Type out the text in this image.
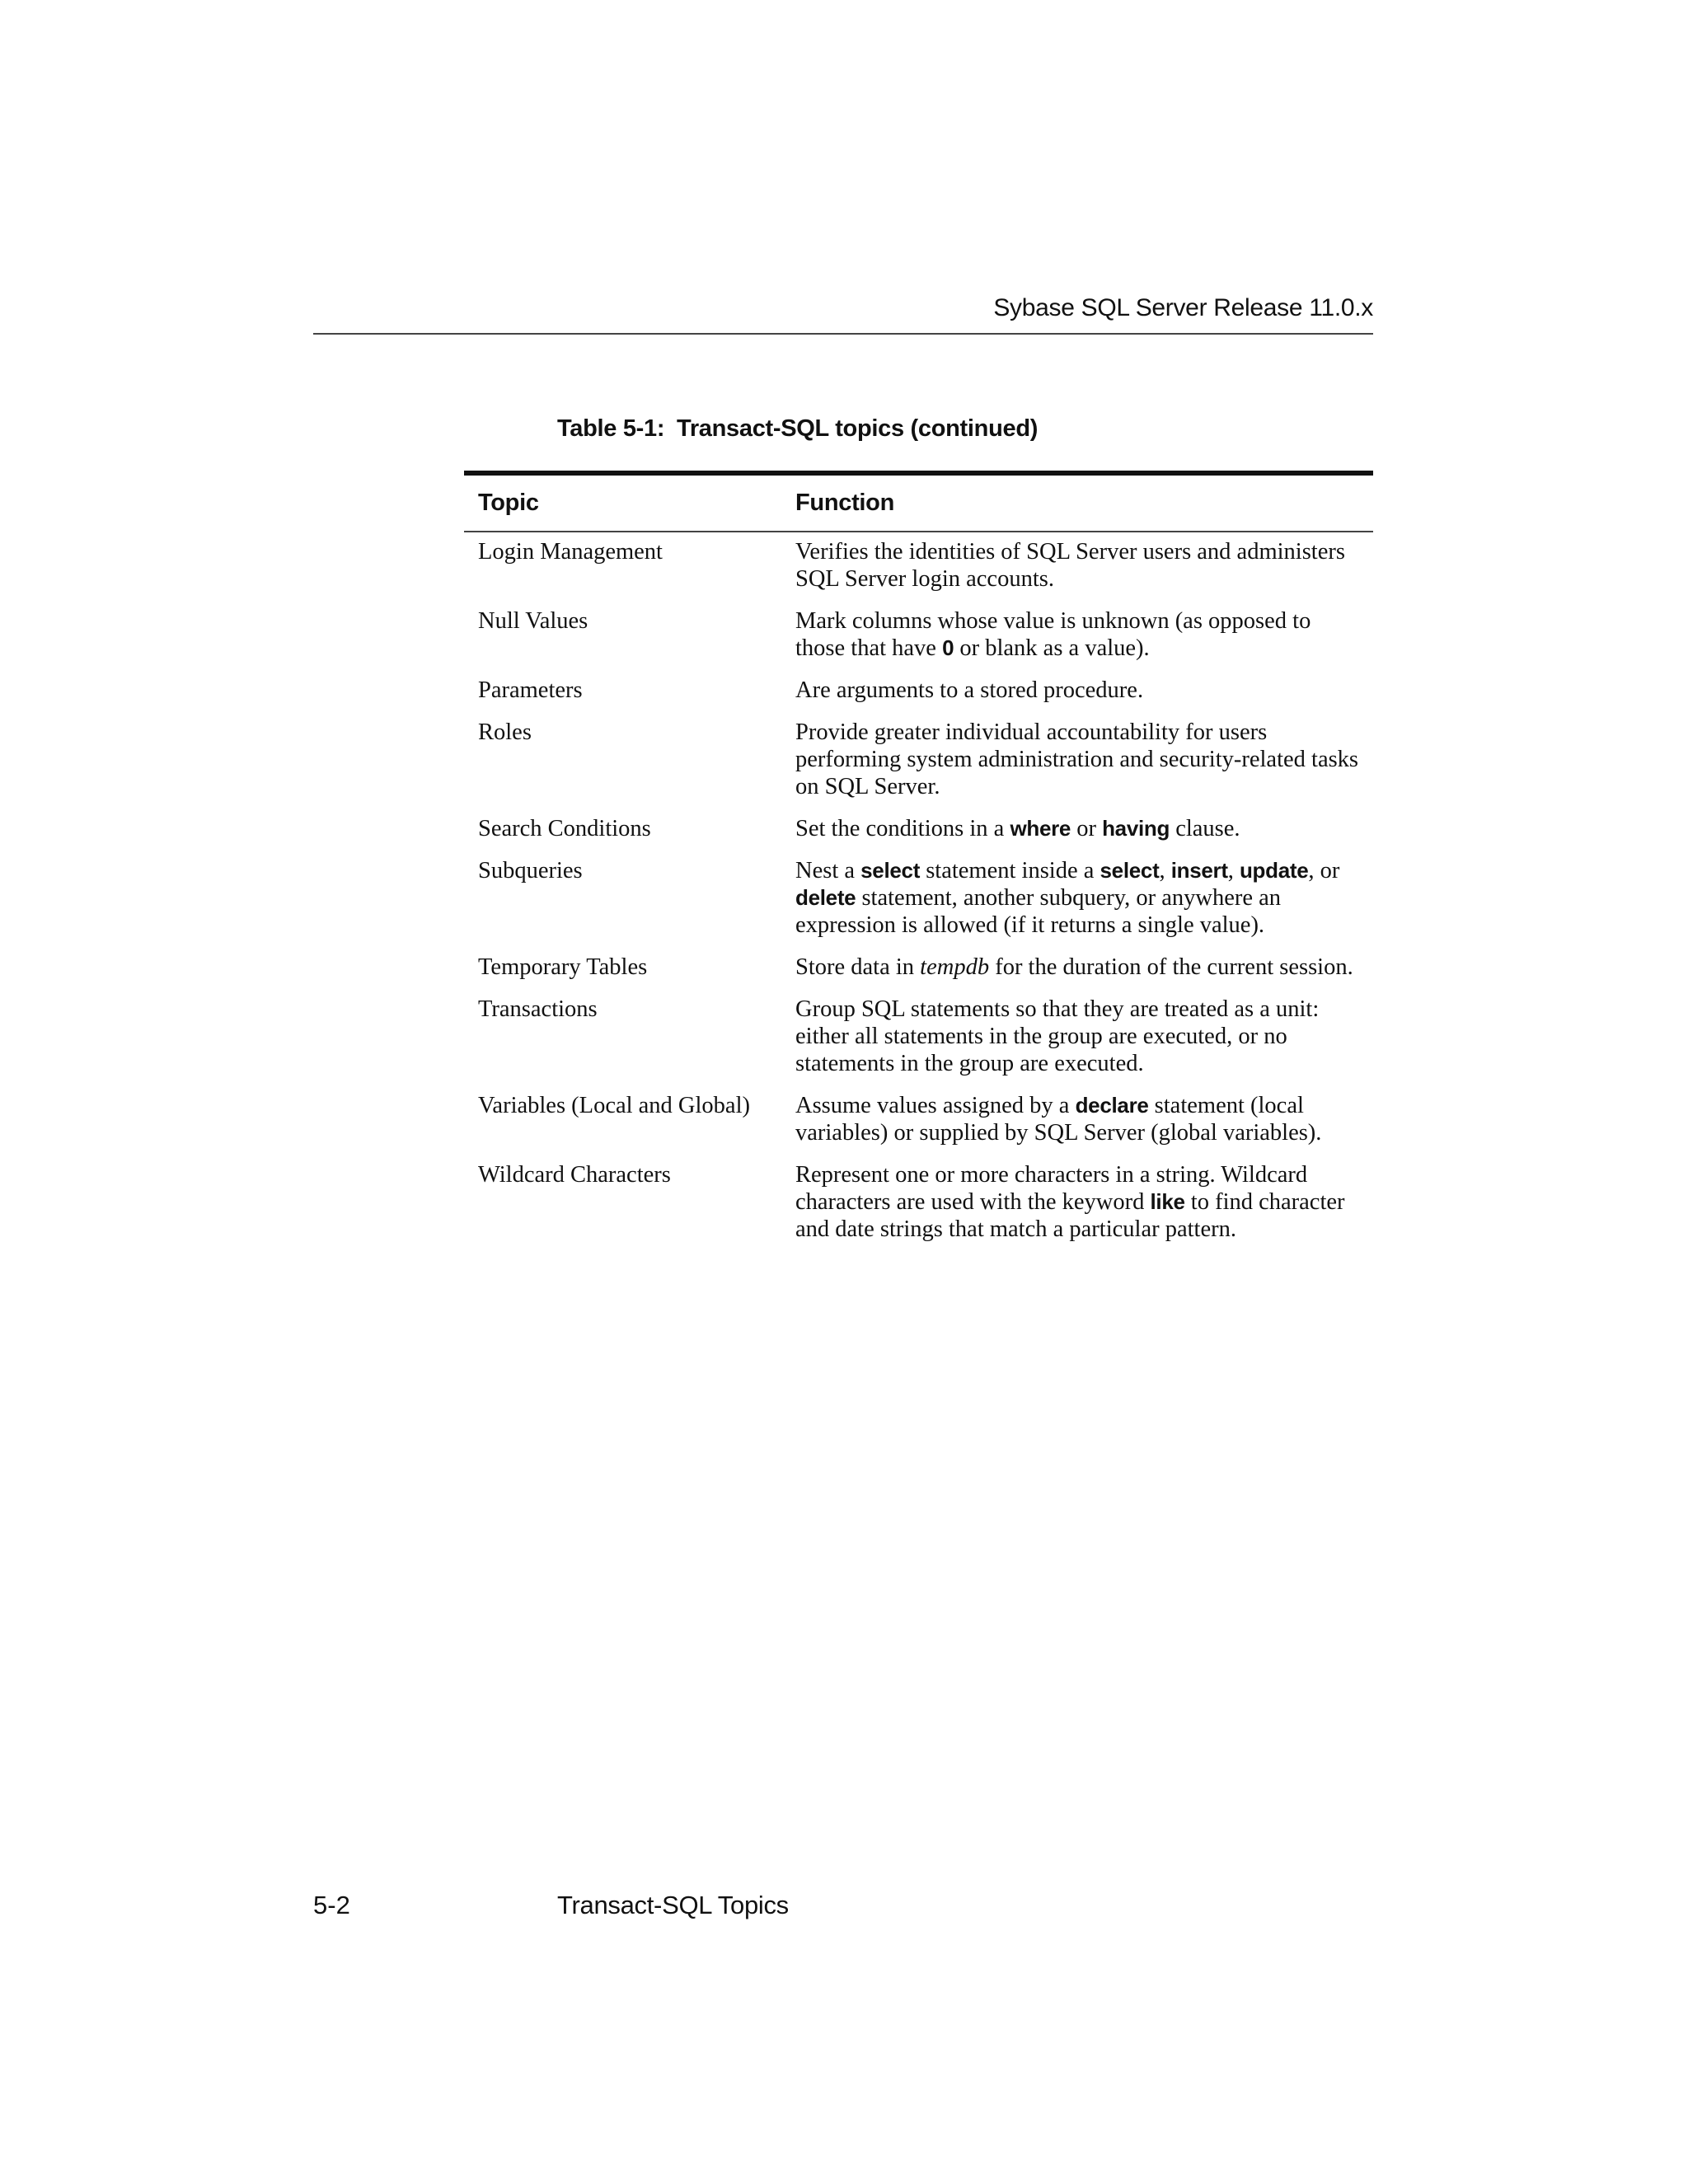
Sybase SQL Server Release 11.0.x
Table 5-1: Transact-SQL topics (continued)
Topic	Function
Login Management	Verifies the identities of SQL Server users and administers SQL Server login accounts.
Null Values	Mark columns whose value is unknown (as opposed to those that have 0 or blank as a value).
Parameters	Are arguments to a stored procedure.
Roles	Provide greater individual accountability for users performing system administration and security-related tasks on SQL Server.
Search Conditions	Set the conditions in a where or having clause.
Subqueries	Nest a select statement inside a select, insert, update, or delete statement, another subquery, or anywhere an expression is allowed (if it returns a single value).
Temporary Tables	Store data in tempdb for the duration of the current session.
Transactions	Group SQL statements so that they are treated as a unit: either all statements in the group are executed, or no statements in the group are executed.
Variables (Local and Global)	Assume values assigned by a declare statement (local variables) or supplied by SQL Server (global variables).
Wildcard Characters	Represent one or more characters in a string. Wildcard characters are used with the keyword like to find character and date strings that match a particular pattern.
5-2	Transact-SQL Topics
